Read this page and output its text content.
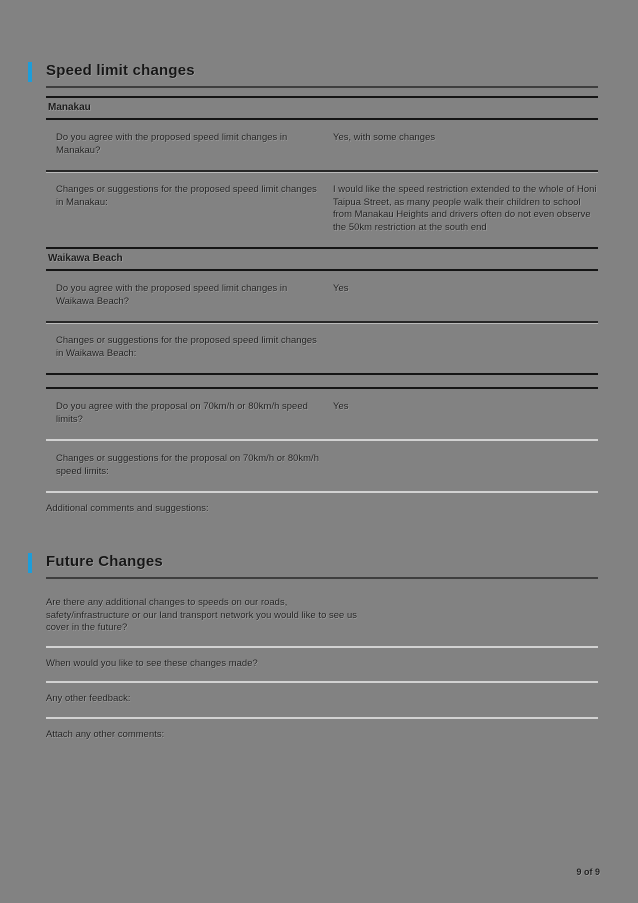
Speed limit changes
Manakau
Do you agree with the proposed speed limit changes in Manakau?
Yes, with some changes
Changes or suggestions for the proposed speed limit changes in Manakau:
I would like the speed restriction extended to the whole of Honi Taipua Street, as many people walk their children to school from Manakau Heights and drivers often do not even observe the 50km restriction at the south end
Waikawa Beach
Do you agree with the proposed speed limit changes in Waikawa Beach?
Yes
Changes or suggestions for the proposed speed limit changes in Waikawa Beach:
Do you agree with the proposal on 70km/h or 80km/h speed limits?
Yes
Changes or suggestions for the proposal on 70km/h or 80km/h speed limits:
Additional comments and suggestions:
Future Changes
Are there any additional changes to speeds on our roads, safety/infrastructure or our land transport network you would like to see us cover in the future?
When would you like to see these changes made?
Any other feedback:
Attach any other comments:
9 of 9
